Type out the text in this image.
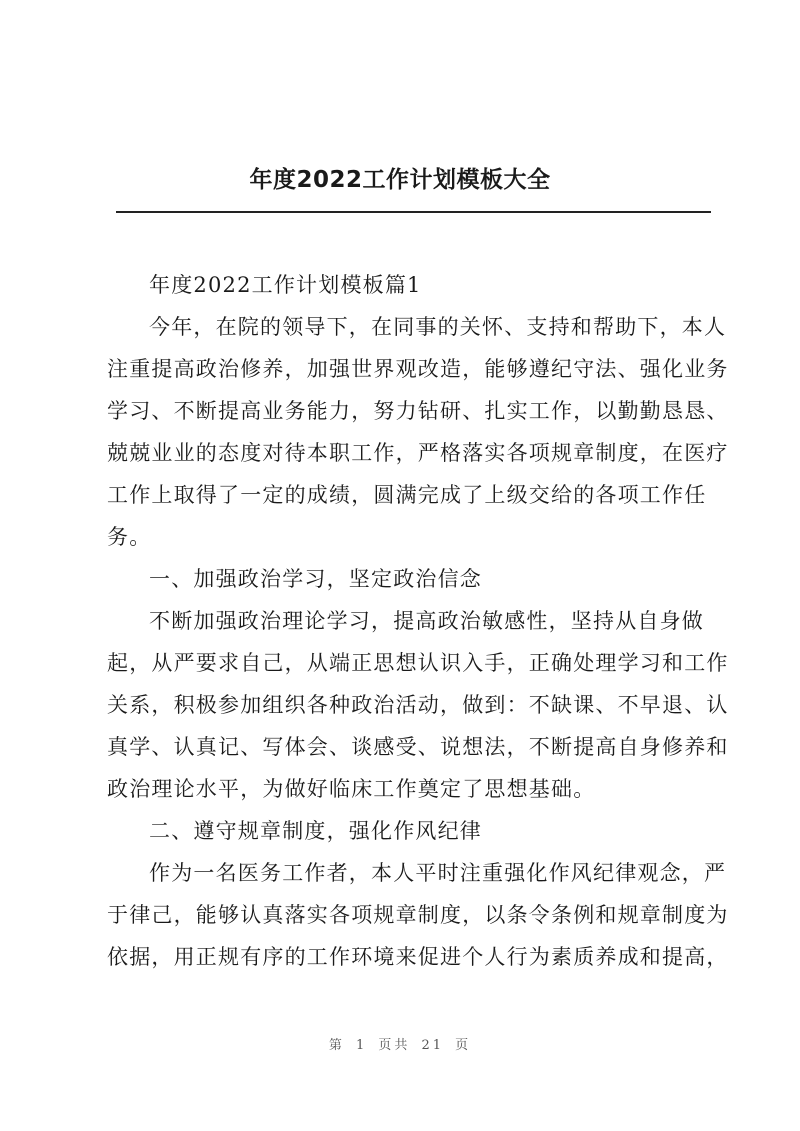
年度2022工作计划模板大全
年度2022工作计划模板篇1
今年，在院的领导下，在同事的关怀、支持和帮助下，本人
注重提高政治修养，加强世界观改造，能够遵纪守法、强化业务
学习、不断提高业务能力，努力钻研、扎实工作，以勤勤恳恳、
兢兢业业的态度对待本职工作，严格落实各项规章制度，在医疗
工作上取得了一定的成绩，圆满完成了上级交给的各项工作任
务。
一、加强政治学习，坚定政治信念
不断加强政治理论学习，提高政治敏感性，坚持从自身做
起，从严要求自己，从端正思想认识入手，正确处理学习和工作
关系，积极参加组织各种政治活动，做到：不缺课、不早退、认
真学、认真记、写体会、谈感受、说想法，不断提高自身修养和
政治理论水平，为做好临床工作奠定了思想基础。
二、遵守规章制度，强化作风纪律
作为一名医务工作者，本人平时注重强化作风纪律观念，严
于律己，能够认真落实各项规章制度，以条令条例和规章制度为
依据，用正规有序的工作环境来促进个人行为素质养成和提高，
第 1 页共 21 页
